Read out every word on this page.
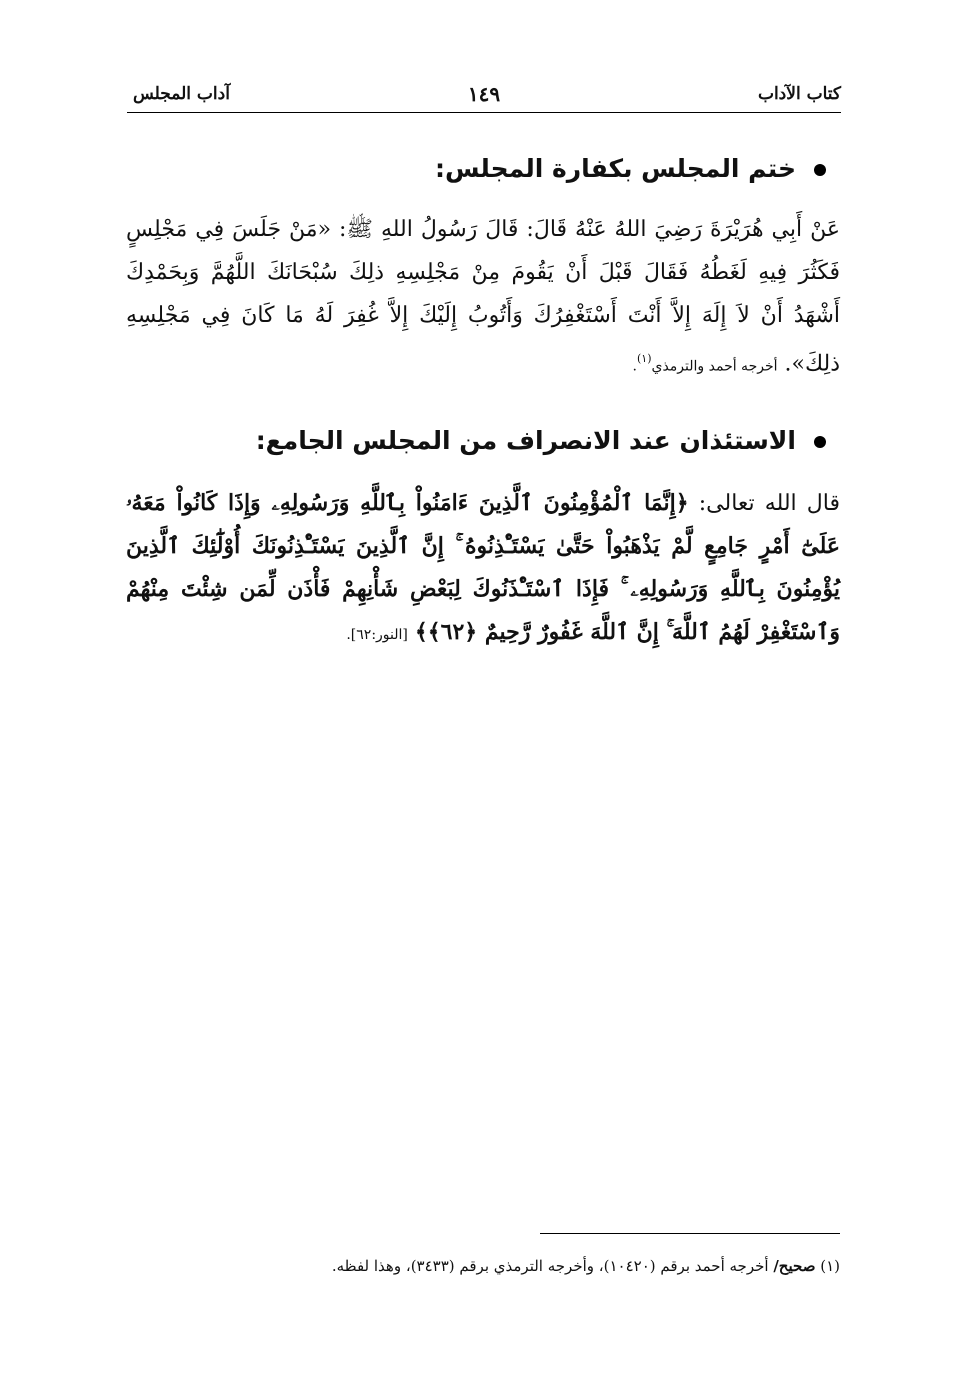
كتاب الآداب
١٤٩
آداب المجلس
ختم المجلس بكفارة المجلس:
عَنْ أَبِي هُرَيْرَةَ رَضِيَ اللهُ عَنْهُ قَالَ: قَالَ رَسُولُ اللهِ ﷺ: «مَنْ جَلَسَ فِي مَجْلِسٍ فَكَثُرَ فِيهِ لَغَطُهُ فَقَالَ قَبْلَ أَنْ يَقُومَ مِنْ مَجْلِسِهِ ذلِكَ سُبْحَانَكَ اللَّهُمَّ وَبِحَمْدِكَ أَشْهَدُ أَنْ لاَ إِلَهَ إِلاَّ أَنْتَ أَسْتَغْفِرُكَ وَأَتُوبُ إِلَيْكَ إِلاَّ غُفِرَ لَهُ مَا كَانَ فِي مَجْلِسِهِ ذلِكَ». أخرجه أحمد والترمذي$^{(١)}$.
الاستئذان عند الانصراف من المجلس الجامع:
قال الله تعالى: ﴿إِنَّمَا ٱلْمُؤْمِنُونَ ٱلَّذِينَ ءَامَنُواْ بِٱللَّهِ وَرَسُولِهِۦ وَإِذَا كَانُواْ مَعَهُۥ عَلَىٰٓ أَمْرٍ جَامِعٍ لَّمْ يَذْهَبُواْ حَتَّىٰ يَسْتَـْٔذِنُوهُ ۚ إِنَّ ٱلَّذِينَ يَسْتَـْٔذِنُونَكَ أُوْلَٰٓئِكَ ٱلَّذِينَ يُؤْمِنُونَ بِٱللَّهِ وَرَسُولِهِۦ ۚ فَإِذَا ٱسْتَـْٔذَنُوكَ لِبَعْضِ شَأْنِهِمْ فَأْذَن لِّمَن شِئْتَ مِنْهُمْ وَٱسْتَغْفِرْ لَهُمُ ٱللَّهَ ۚ إِنَّ ٱللَّهَ غَفُورٌ رَّحِيمٌ ﴿٦٢﴾﴾ [النور:٦٢].
(١) صحيح/ أخرجه أحمد برقم (١٠٤٢٠)، وأخرجه الترمذي برقم (٣٤٣٣)، وهذا لفظه.
